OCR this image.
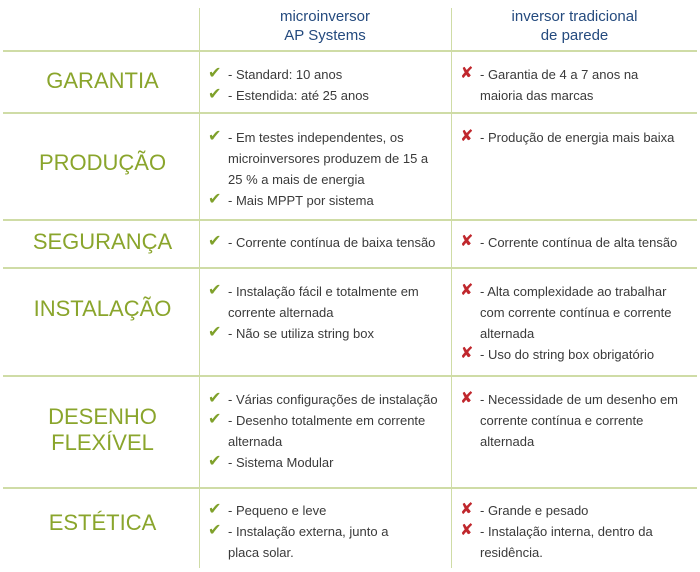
microinversor
AP Systems
inversor tradicional
de parede
GARANTIA	✔ - Standard: 10 anos
✔ - Estendida: até 25 anos
✘ - Garantia de 4 a 7 anos na
maioria das marcas
PRODUÇÃO
✔ - Em testes independentes, os
microinversores produzem de 15 a
25 % a mais de energia
✔ - Mais MPPT por sistema
✘ - Produção de energia mais baixa
SEGURANÇA	✔ - Corrente contínua de baixa tensão ✘ - Corrente contínua de alta tensão
INSTALAÇÃO
✔ - Instalação fácil e totalmente em
corrente alternada
✔ - Não se utiliza string box
✘ - Alta complexidade ao trabalhar
com corrente contínua e corrente
alternada
✘ - Uso do string box obrigatório
DESENHO
FLEXÍVEL
✔ - Várias configurações de instalação
✔ - Desenho totalmente em corrente
alternada
✔ - Sistema Modular
✘ - Necessidade de um desenho em
corrente contínua e corrente
alternada
ESTÉTICA
✔ - Pequeno e leve
✔ - Instalação externa, junto a
placa solar.
✘ - Grande e pesado
✘ - Instalação interna, dentro da
residência.
